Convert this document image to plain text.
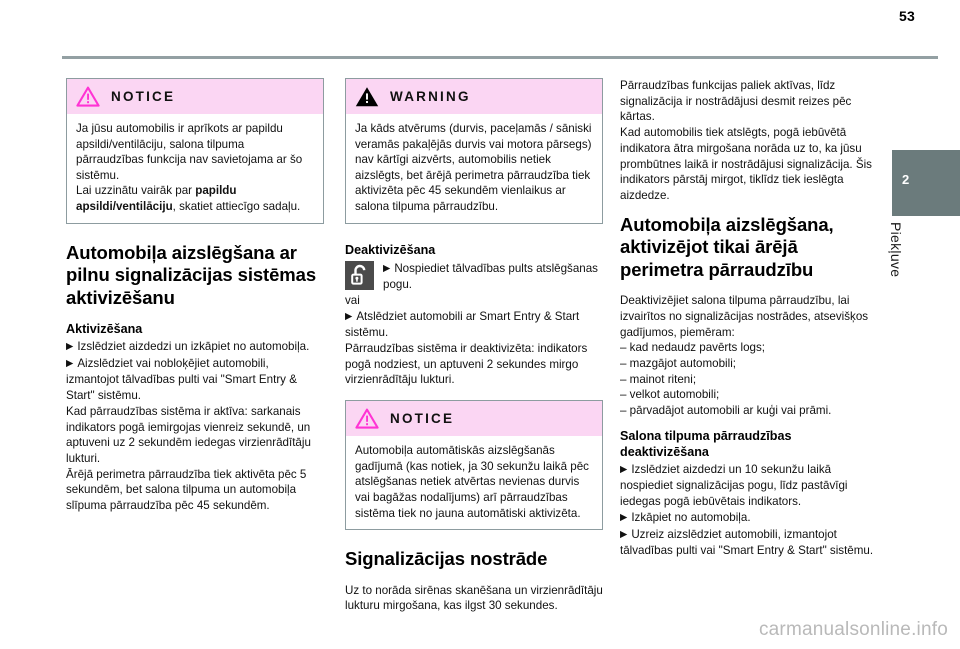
53
2
Piekļuve
NOTICE

Ja jūsu automobilis ir aprīkots ar papildu apsildi/ventilāciju, salona tilpuma pārraudzības funkcija nav savietojama ar šo sistēmu.

Lai uzzinātu vairāk par papildu apsildi/ventilāciju, skatiet attiecīgo sadaļu.

Automobiļa aizslēgšana ar pilnu signalizācijas sistēmas aktivizēšanu
Aktivizēšana

▶ Izslēdziet aizdedzi un izkāpiet no automobiļa.

▶ Aizslēdziet vai nobloķējiet automobili, izmantojot tālvadības pulti vai "Smart Entry & Start" sistēmu.

Kad pārraudzības sistēma ir aktīva: sarkanais indikators pogā iemirgojas vienreiz sekundē, un aptuveni uz 2 sekundēm iedegas virzienrādītāju lukturi.

Ārējā perimetra pārraudzība tiek aktivēta pēc 5 sekundēm, bet salona tilpuma un automobiļa slīpuma pārraudzība pēc 45 sekundēm.

WARNING

Ja kāds atvērums (durvis, paceļamās / sāniski veramās pakaļējās durvis vai motora pārsegs) nav kārtīgi aizvērts, automobilis netiek aizslēgts, bet ārējā perimetra pārraudzība tiek aktivizēta pēc 45 sekundēm vienlaikus ar salona tilpuma pārraudzību.

Deaktivizēšana
▶ Nospiediet tālvadības pults atslēgšanas pogu.

vai

▶ Atslēdziet automobili ar Smart Entry & Start sistēmu.

Pārraudzības sistēma ir deaktivizēta: indikators pogā nodziest, un aptuveni 2 sekundes mirgo virzienrādītāju lukturi.

NOTICE

Automobiļa automātiskās aizslēgšanās gadījumā (kas notiek, ja 30 sekunžu laikā pēc atslēgšanas netiek atvērtas nevienas durvis vai bagāžas nodalījums) arī pārraudzības sistēma tiek no jauna automātiski aktivizēta.

Signalizācijas nostrāde

Uz to norāda sirēnas skanēšana un virzienrādītāju lukturu mirgošana, kas ilgst 30 sekundes.

Pārraudzības funkcijas paliek aktīvas, līdz signalizācija ir nostrādājusi desmit reizes pēc kārtas.

Kad automobilis tiek atslēgts, pogā iebūvētā indikatora ātra mirgošana norāda uz to, ka jūsu prombūtnes laikā ir nostrādājusi signalizācija. Šis indikators pārstāj mirgot, tiklīdz tiek ieslēgta aizdedze.

Automobiļa aizslēgšana, aktivizējot tikai ārējā perimetra pārraudzību

Deaktivizējiet salona tilpuma pārraudzību, lai izvairītos no signalizācijas nostrādes, atsevišķos gadījumos, piemēram:

– kad nedaudz pavērts logs;

– mazgājot automobili;

– mainot riteni;

– velkot automobili;

– pārvadājot automobili ar kuģi vai prāmi.

Salona tilpuma pārraudzības deaktivizēšana

▶ Izslēdziet aizdedzi un 10 sekunžu laikā nospiediet signalizācijas pogu, līdz pastāvīgi iedegas pogā iebūvētais indikators.

▶ Izkāpiet no automobiļa.

▶ Uzreiz aizslēdziet automobili, izmantojot tālvadības pulti vai "Smart Entry & Start" sistēmu.

carmanualsonline.info
